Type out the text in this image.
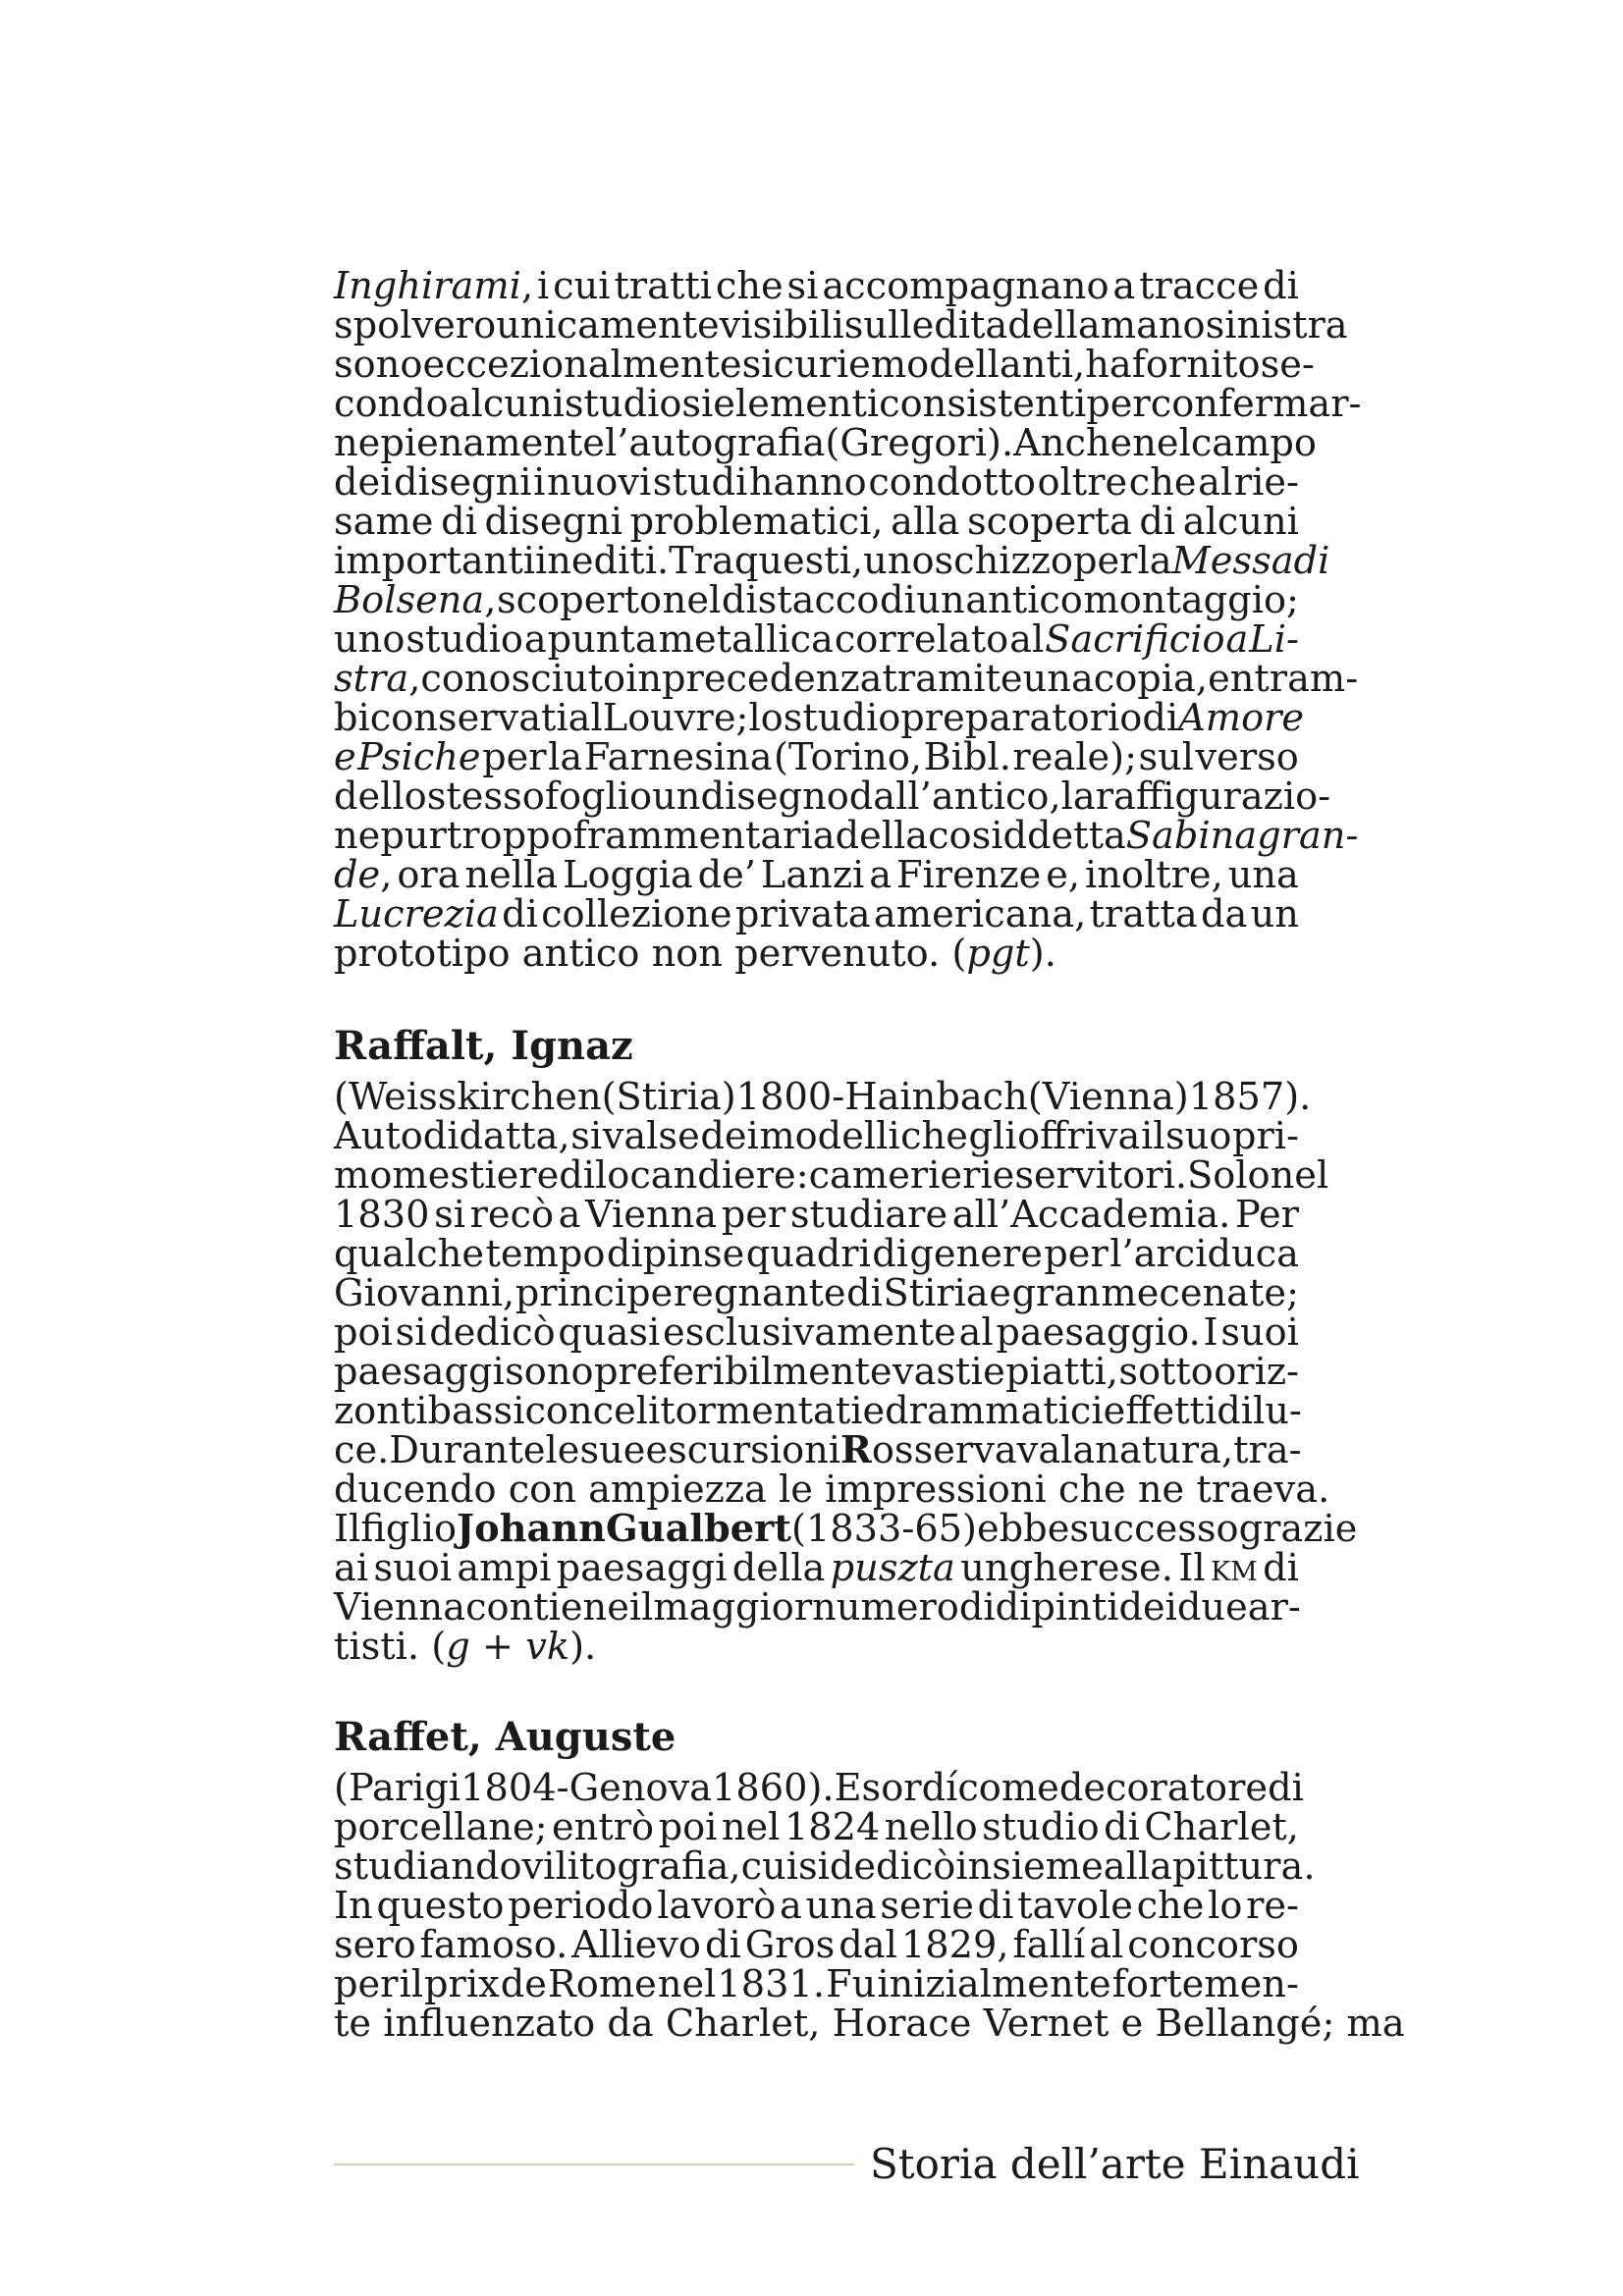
Inghirami, i cui tratti che si accompagnano a tracce di
spolvero unicamente visibili sulle dita della mano sinistra
sono eccezionalmente sicuri e modellanti, ha fornito se-
condo alcuni studiosi elementi consistenti per confermar-
ne pienamente l’autografia (Gregori). Anche nel campo
dei disegni i nuovi studi hanno condotto oltre che al rie-
same di disegni problematici, alla scoperta di alcuni
importanti inediti. Tra questi, uno schizzo per la Messa di
Bolsena, scoperto nel distacco di un antico montaggio;
uno studio a punta metallica correlato al Sacrificio a Li-
stra, conosciuto in precedenza tramite una copia, entram-
bi conservati al Louvre; lo studio preparatorio di Amore
e Psiche per la Farnesina (Torino, Bibl. reale); sul verso
dello stesso foglio un disegno dall’antico, la raffigurazio-
ne purtroppo frammentaria della cosiddetta Sabina gran-
de, ora nella Loggia de’ Lanzi a Firenze e, inoltre, una
Lucrezia di collezione privata americana, tratta da un
prototipo antico non pervenuto. (pgt).
Raffalt, Ignaz
(Weisskirchen (Stiria) 1800 - Hainbach (Vienna) 1857).
Autodidatta, si valse dei modelli che gli offriva il suo pri-
mo mestiere di locandiere: camerieri e servitori. Solo nel
1830 si recò a Vienna per studiare all’Accademia. Per
qualche tempo dipinse quadri di genere per l’arciduca
Giovanni, principe regnante di Stiria e gran mecenate;
poi si dedicò quasi esclusivamente al paesaggio. I suoi
paesaggi sono preferibilmente vasti e piatti, sotto oriz-
zonti bassi con celi tormentati e drammatici effetti di lu-
ce. Durante le sue escursioni R osservava la natura, tra-
ducendo con ampiezza le impressioni che ne traeva.
Il figlio Johann Gualbert (1833-65) ebbe successo grazie
ai suoi ampi paesaggi della puszta ungherese. Il km di
Vienna contiene il maggior numero di dipinti dei due ar-
tisti. (g + vk).
Raffet, Auguste
(Parigi 1804 - Genova 1860). Esordí come decoratore di
porcellane; entrò poi nel 1824 nello studio di Charlet,
studiandovi litografia, cui si dedicò insieme alla pittura.
In questo periodo lavorò a una serie di tavole che lo re-
sero famoso. Allievo di Gros dal 1829, fallí al concorso
per il prix de Rome nel 1831. Fu inizialmente fortemen-
te influenzato da Charlet, Horace Vernet e Bellangé; ma
Storia dell’arte Einaudi
